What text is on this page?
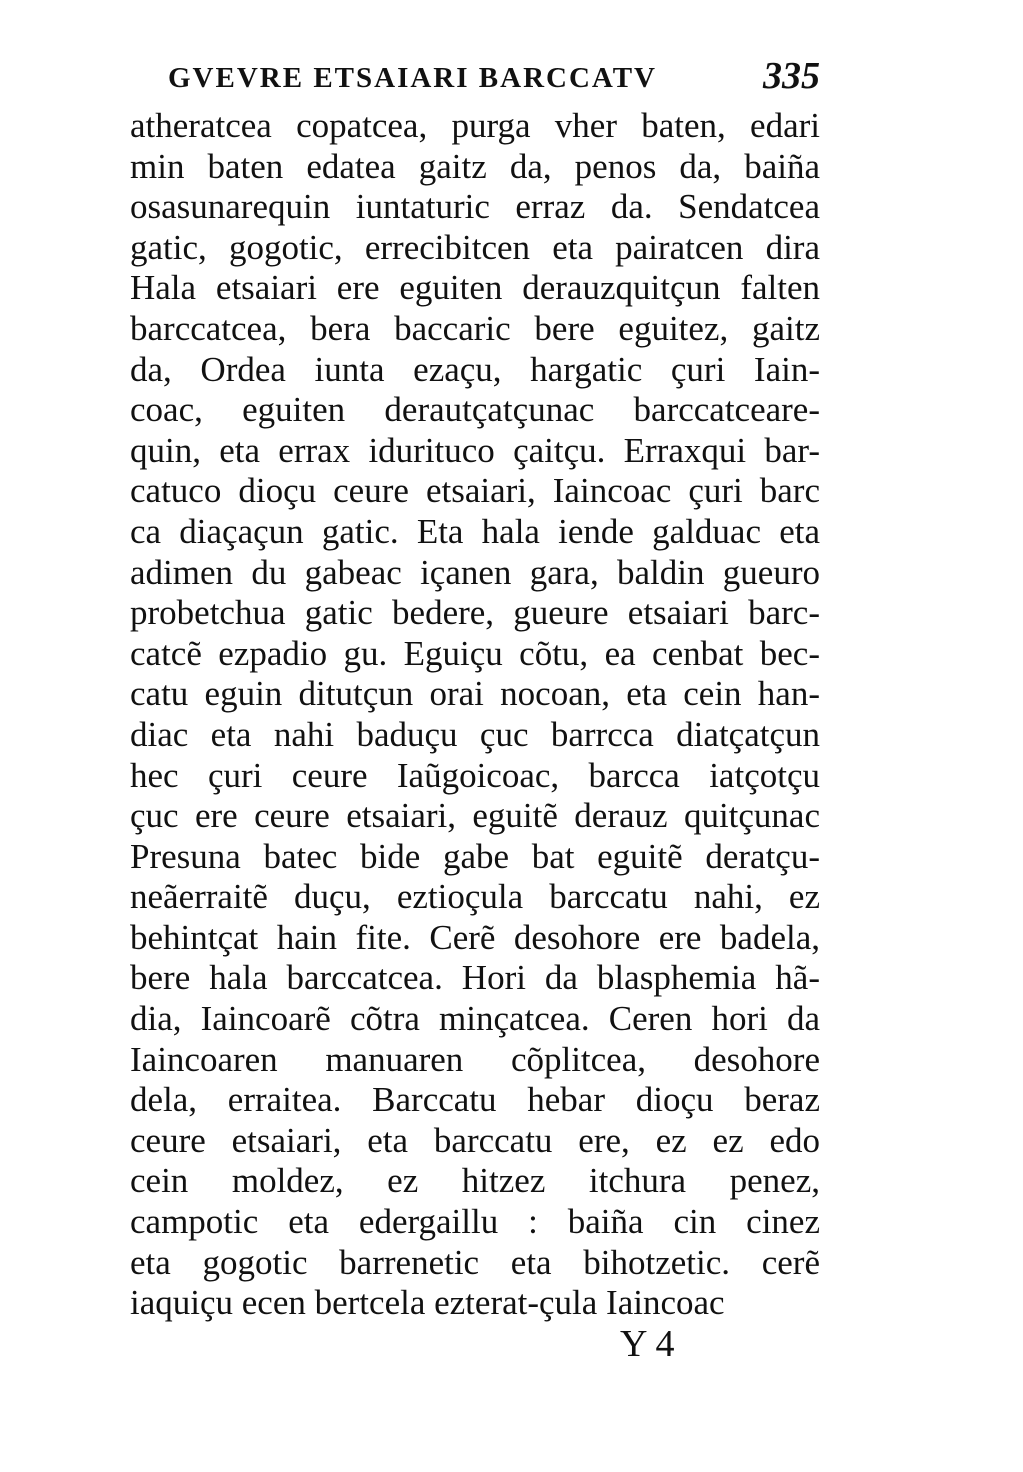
GVEVRE ETSAIARI BARCCATV	335
atheratcea copatcea, purga vher baten, edari
min baten edatea gaitz da, penos da, baiña
osasunarequin iuntaturic erraz da. Sendatcea
gatic, gogotic, errecibitcen eta pairatcen dira
Hala etsaiari ere eguiten derauzquitçun falten
barccatcea, bera baccaric bere eguitez, gaitz
da, Ordea iunta ezaçu, hargatic çuri Iain-
coac, eguiten derautçatçunac barccatceare-
quin, eta errax idurituco çaitçu. Erraxqui bar-
catuco dioçu ceure etsaiari, Iaincoac çuri barc
ca diaçaçun gatic. Eta hala iende galduac eta
adimen du gabeac içanen gara, baldin gueuro
probetchua gatic bedere, gueure etsaiari barc-
catcẽ ezpadio gu. Eguiçu cõtu, ea cenbat bec-
catu eguin ditutçun orai nocoan, eta cein han-
diac eta nahi baduçu çuc barrcca diatçatçun
hec çuri ceure Iaũgoicoac, barcca iatçotçu
çuc ere ceure etsaiari, eguitẽ derauz quitçunac
Presuna batec bide gabe bat eguitẽ deratçu-
neãerraitẽ duçu, eztioçula barccatu nahi, ez
behintçat hain fite. Cerẽ desohore ere badela,
bere hala barccatcea. Hori da blasphemia hã-
dia, Iaincoarẽ cõtra minçatcea. Ceren hori da
Iaincoaren manuaren cõplitcea, desohore
dela, erraitea. Barccatu hebar dioçu beraz
ceure etsaiari, eta barccatu ere, ez ez edo
cein moldez, ez hitzez itchura penez,
campotic eta edergaillu : baiña cin cinez
eta gogotic barrenetic eta bihotzetic. cerẽ
iaquiçu ecen bertcela ezterat-çula Iaincoac
Y 4
